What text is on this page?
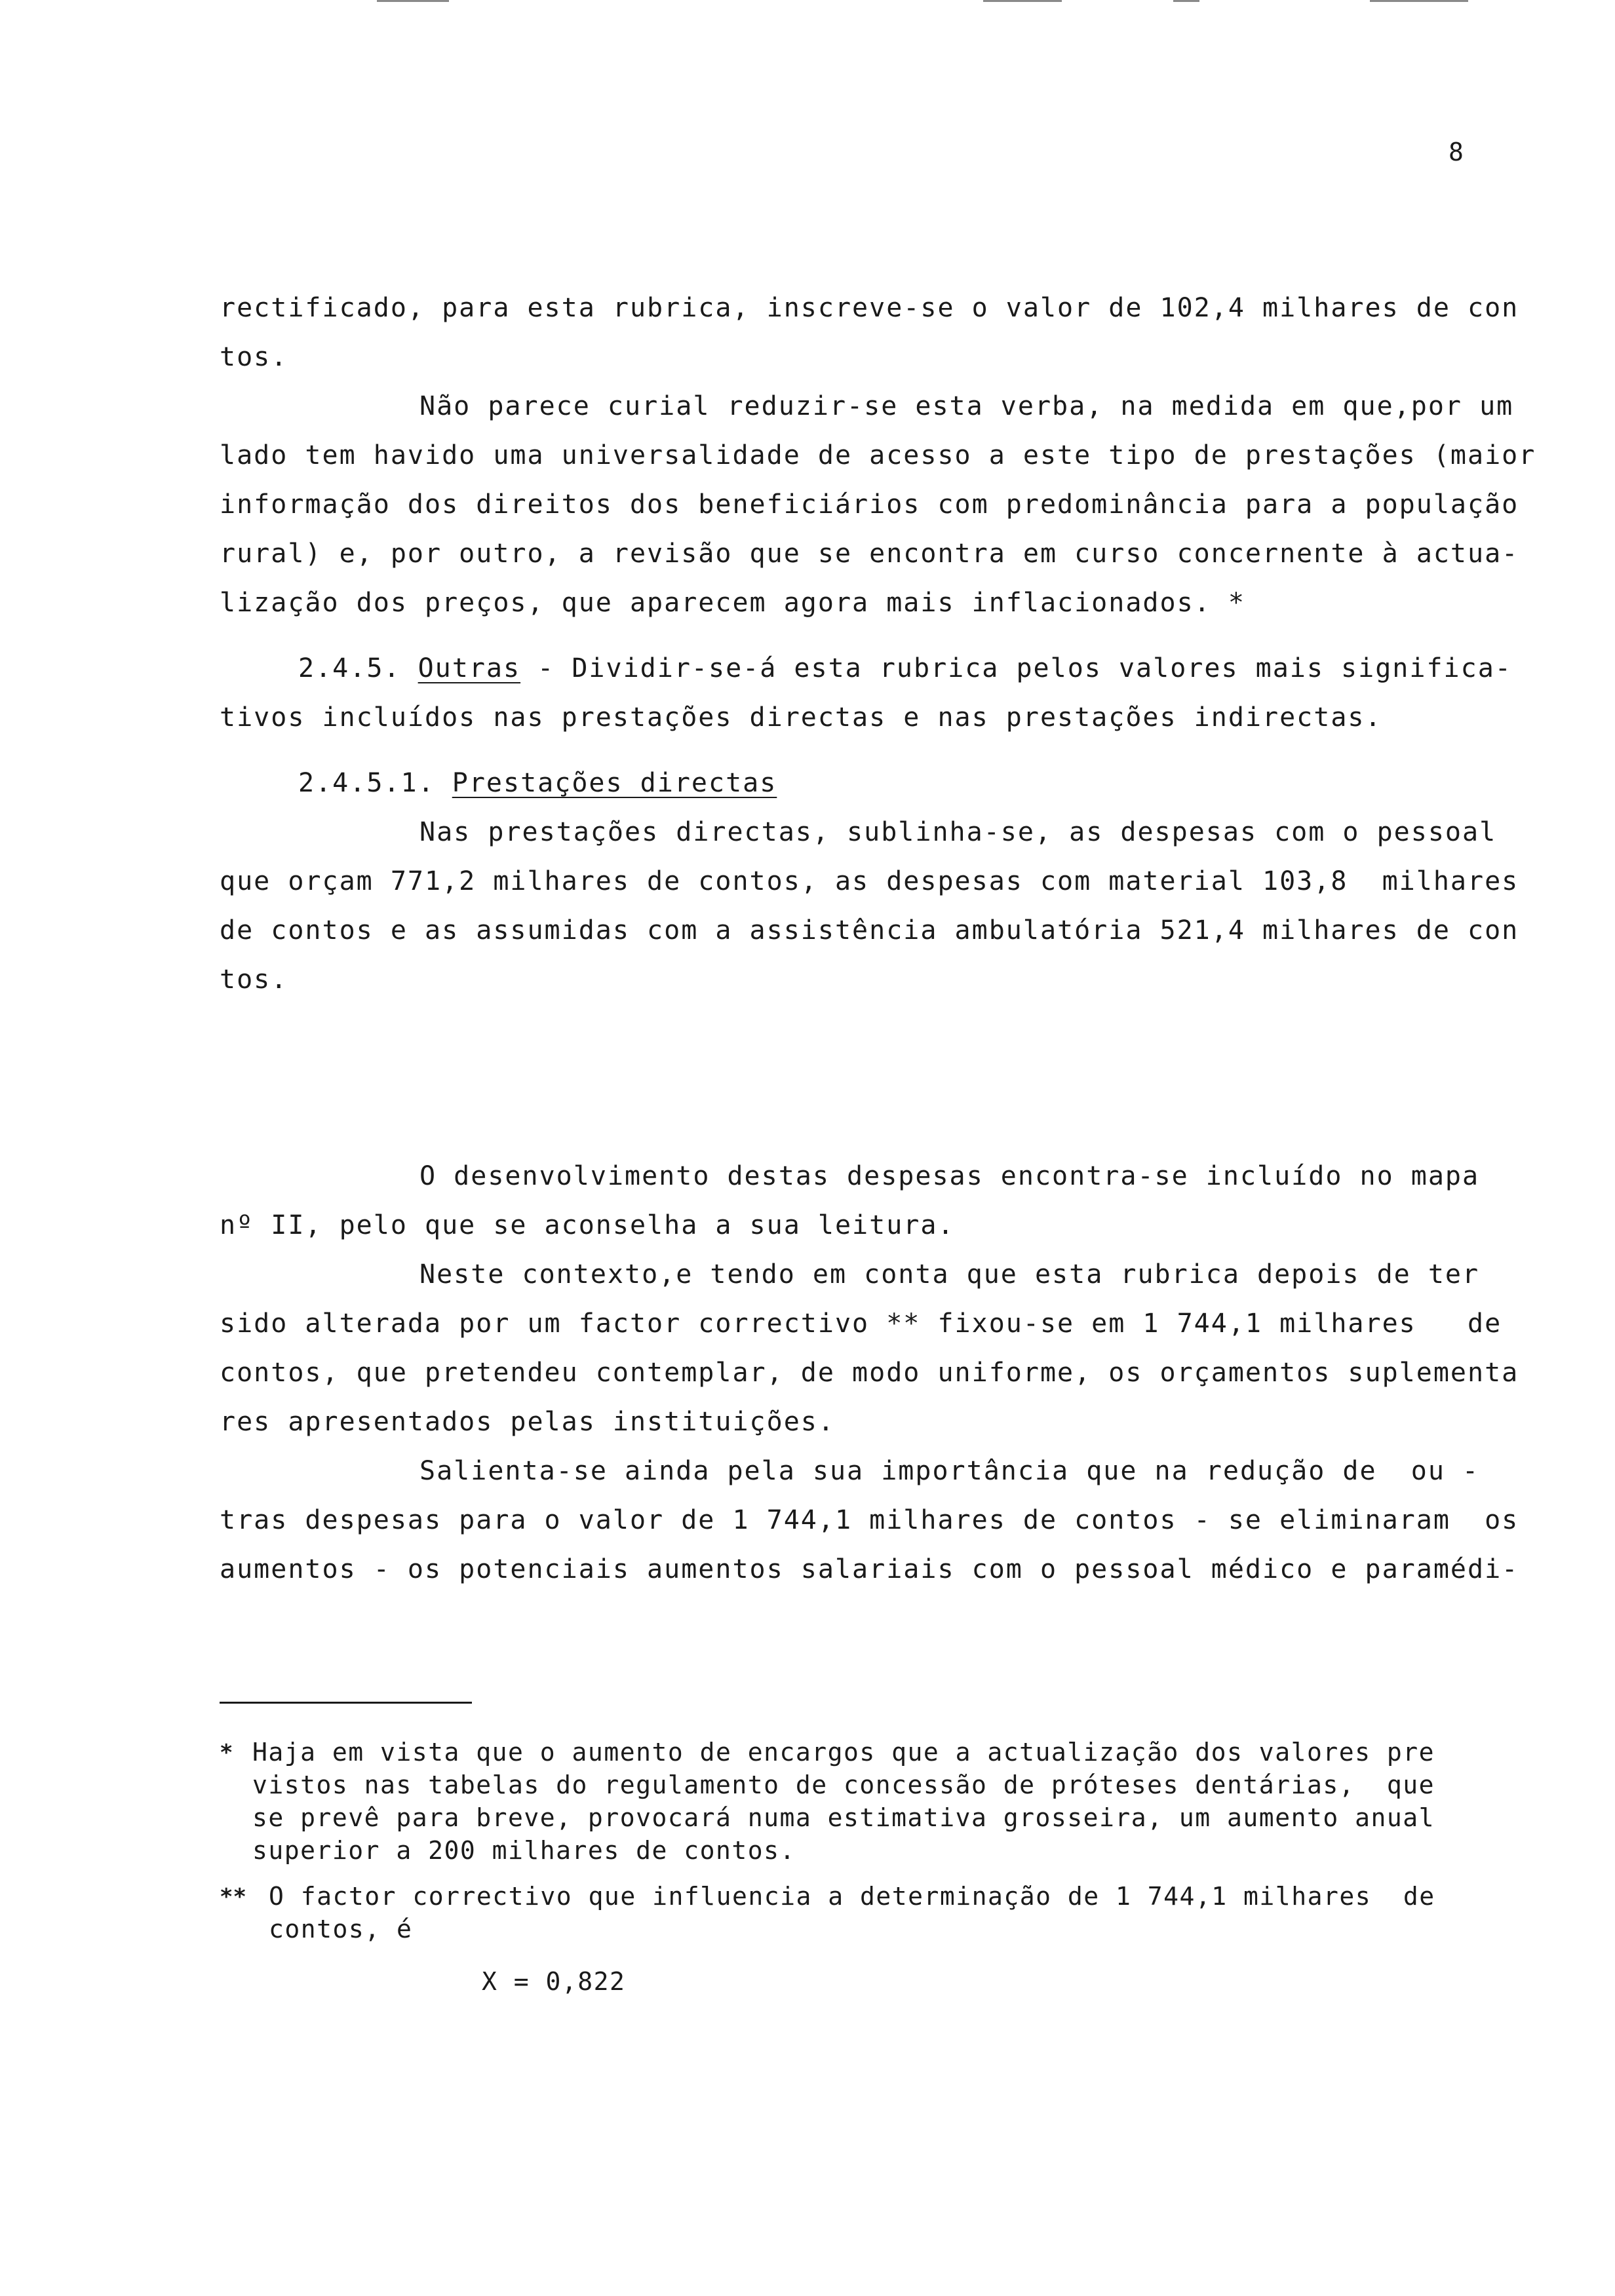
8
rectificado, para esta rubrica, inscreve-se o valor de 102,4 milhares de con
tos.
Não parece curial reduzir-se esta verba, na medida em que,por um
lado tem havido uma universalidade de acesso a este tipo de prestações (maior
informação dos direitos dos beneficiários com predominância para a população
rural) e, por outro, a revisão que se encontra em curso concernente à actua-
lização dos preços, que aparecem agora mais inflacionados. *
2.4.5. Outras - Dividir-se-á esta rubrica pelos valores mais significa-
tivos incluídos nas prestações directas e nas prestações indirectas.
2.4.5.1. Prestações directas
Nas prestações directas, sublinha-se, as despesas com o pessoal
que orçam 771,2 milhares de contos, as despesas com material 103,8  milhares
de contos e as assumidas com a assistência ambulatória 521,4 milhares de con
tos.
O desenvolvimento destas despesas encontra-se incluído no mapa
nº II, pelo que se aconselha a sua leitura.
Neste contexto,e tendo em conta que esta rubrica depois de ter
sido alterada por um factor correctivo ** fixou-se em 1 744,1 milhares   de
contos, que pretendeu contemplar, de modo uniforme, os orçamentos suplementa
res apresentados pelas instituições.
Salienta-se ainda pela sua importância que na redução de  ou -
tras despesas para o valor de 1 744,1 milhares de contos - se eliminaram  os
aumentos - os potenciais aumentos salariais com o pessoal médico e paramédi-
* Haja em vista que o aumento de encargos que a actualização dos valores pre
vistos nas tabelas do regulamento de concessão de próteses dentárias,  que
se prevê para breve, provocará numa estimativa grosseira, um aumento anual
superior a 200 milhares de contos.
** O factor correctivo que influencia a determinação de 1 744,1 milhares  de
contos, é
X = 0,822
